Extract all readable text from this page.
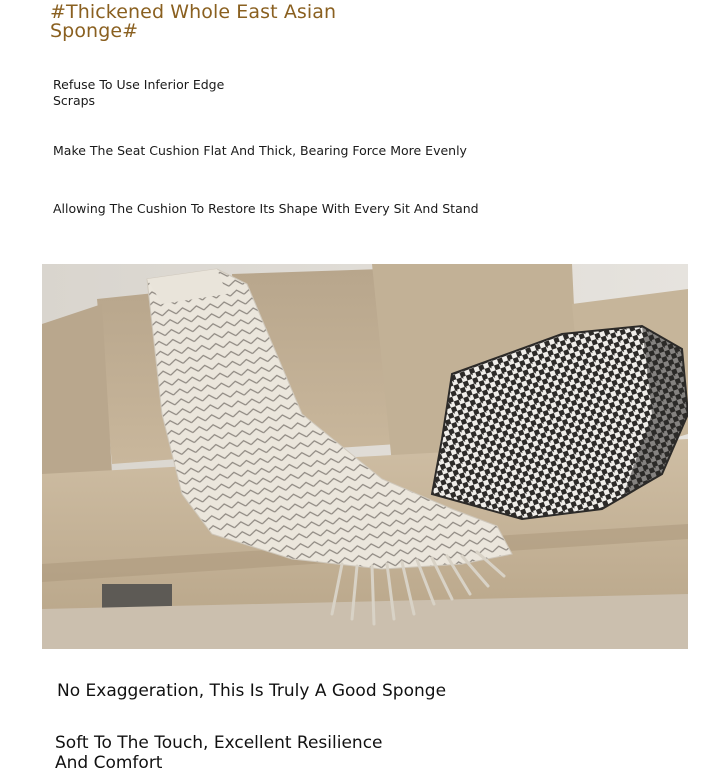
#Thickened Whole East Asian Sponge#
Refuse To Use Inferior Edge Scraps
Make The Seat Cushion Flat And Thick, Bearing Force More Evenly
Allowing The Cushion To Restore Its Shape With Every Sit And Stand
No Exaggeration, This Is Truly A Good Sponge
Soft To The Touch, Excellent Resilience And Comfort
